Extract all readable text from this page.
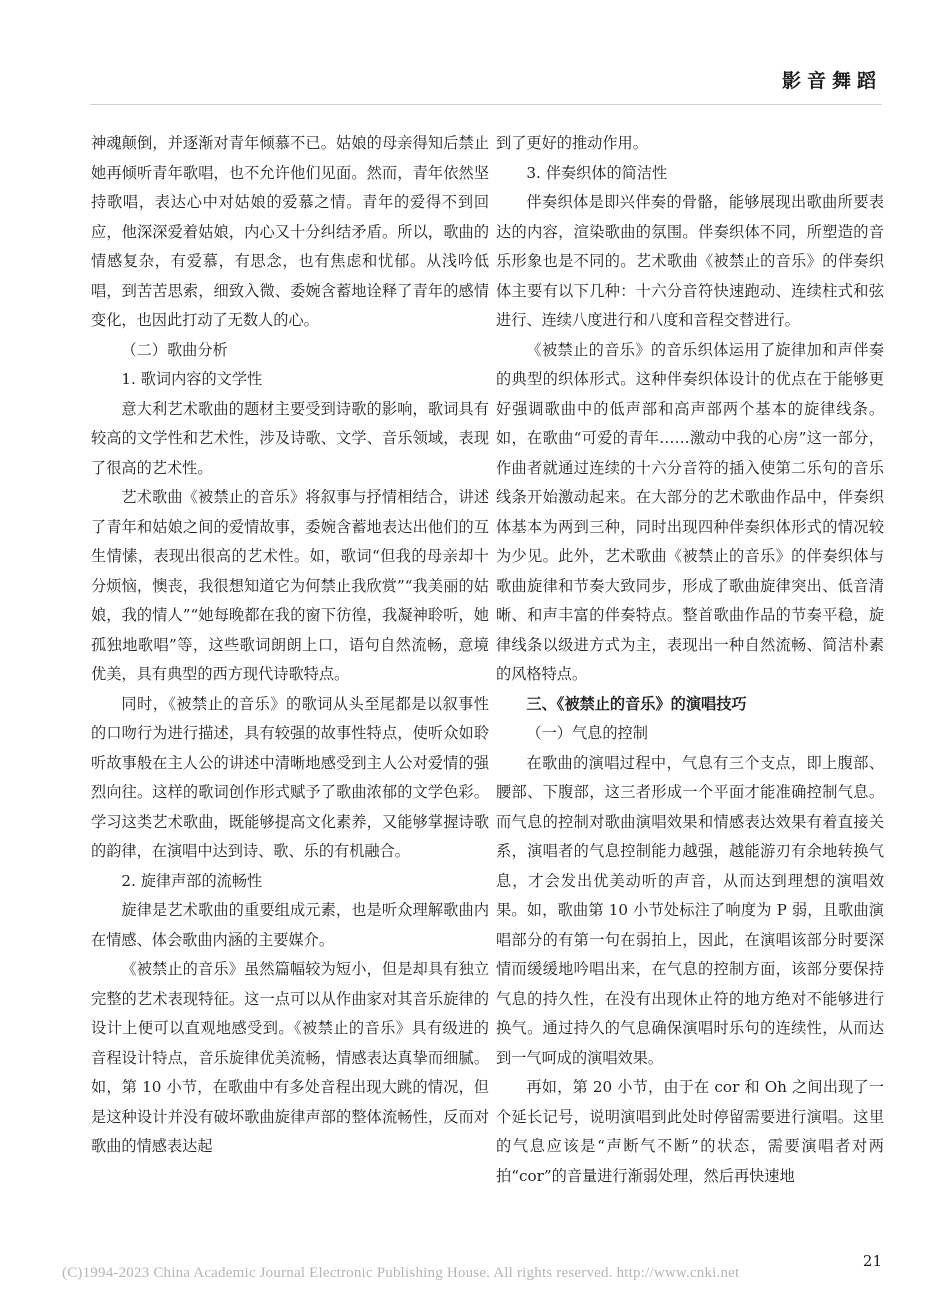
影音舞蹈

神魂颠倒，并逐渐对青年倾慕不已。姑娘的母亲得知后禁止她再倾听青年歌唱，也不允许他们见面。然而，青年依然坚持歌唱，表达心中对姑娘的爱慕之情。青年的爱得不到回应，他深深爱着姑娘，内心又十分纠结矛盾。所以，歌曲的情感复杂，有爱慕，有思念，也有焦虑和忧郁。从浅吟低唱，到苦苦思索，细致入微、委婉含蓄地诠释了青年的感情变化，也因此打动了无数人的心。

（二）歌曲分析

1. 歌词内容的文学性

意大利艺术歌曲的题材主要受到诗歌的影响，歌词具有较高的文学性和艺术性，涉及诗歌、文学、音乐领域，表现了很高的艺术性。

艺术歌曲《被禁止的音乐》将叙事与抒情相结合，讲述了青年和姑娘之间的爱情故事，委婉含蓄地表达出他们的互生情愫，表现出很高的艺术性。如，歌词“但我的母亲却十分烦恼，懊丧，我很想知道它为何禁止我欣赏”“我美丽的姑娘，我的情人”“她每晚都在我的窗下彷徨，我凝神聆听，她孤独地歌唱”等，这些歌词朗朗上口，语句自然流畅，意境优美，具有典型的西方现代诗歌特点。

同时，《被禁止的音乐》的歌词从头至尾都是以叙事性的口吻行为进行描述，具有较强的故事性特点，使听众如聆听故事般在主人公的讲述中清晰地感受到主人公对爱情的强烈向往。这样的歌词创作形式赋予了歌曲浓郁的文学色彩。学习这类艺术歌曲，既能够提高文化素养，又能够掌握诗歌的韵律，在演唱中达到诗、歌、乐的有机融合。

2. 旋律声部的流畅性

旋律是艺术歌曲的重要组成元素，也是听众理解歌曲内在情感、体会歌曲内涵的主要媒介。

《被禁止的音乐》虽然篇幅较为短小，但是却具有独立完整的艺术表现特征。这一点可以从作曲家对其音乐旋律的设计上便可以直观地感受到。《被禁止的音乐》具有级进的音程设计特点，音乐旋律优美流畅，情感表达真挚而细腻。如，第 10 小节，在歌曲中有多处音程出现大跳的情况，但是这种设计并没有破坏歌曲旋律声部的整体流畅性，反而对歌曲的情感表达起

到了更好的推动作用。

3. 伴奏织体的简洁性

伴奏织体是即兴伴奏的骨骼，能够展现出歌曲所要表达的内容，渲染歌曲的氛围。伴奏织体不同，所塑造的音乐形象也是不同的。艺术歌曲《被禁止的音乐》的伴奏织体主要有以下几种：十六分音符快速跑动、连续柱式和弦进行、连续八度进行和八度和音程交替进行。

《被禁止的音乐》的音乐织体运用了旋律加和声伴奏的典型的织体形式。这种伴奏织体设计的优点在于能够更好强调歌曲中的低声部和高声部两个基本的旋律线条。如，在歌曲“可爱的青年……激动中我的心房”这一部分，作曲者就通过连续的十六分音符的插入使第二乐句的音乐线条开始激动起来。在大部分的艺术歌曲作品中，伴奏织体基本为两到三种，同时出现四种伴奏织体形式的情况较为少见。此外，艺术歌曲《被禁止的音乐》的伴奏织体与歌曲旋律和节奏大致同步，形成了歌曲旋律突出、低音清晰、和声丰富的伴奏特点。整首歌曲作品的节奏平稳，旋律线条以级进方式为主，表现出一种自然流畅、简洁朴素的风格特点。

三、《被禁止的音乐》的演唱技巧

（一）气息的控制

在歌曲的演唱过程中，气息有三个支点，即上腹部、腰部、下腹部，这三者形成一个平面才能准确控制气息。而气息的控制对歌曲演唱效果和情感表达效果有着直接关系，演唱者的气息控制能力越强，越能游刃有余地转换气息，才会发出优美动听的声音，从而达到理想的演唱效果。如，歌曲第 10 小节处标注了响度为 P 弱，且歌曲演唱部分的有第一句在弱拍上，因此，在演唱该部分时要深情而缓缓地吟唱出来，在气息的控制方面，该部分要保持气息的持久性，在没有出现休止符的地方绝对不能够进行换气。通过持久的气息确保演唱时乐句的连续性，从而达到一气呵成的演唱效果。

再如，第 20 小节，由于在 cor 和 Oh 之间出现了一个延长记号，说明演唱到此处时停留需要进行演唱。这里的气息应该是“声断气不断”的状态，需要演唱者对两拍“cor”的音量进行渐弱处理，然后再快速地

21
(C)1994-2023 China Academic Journal Electronic Publishing House. All rights reserved. http://www.cnki.net
